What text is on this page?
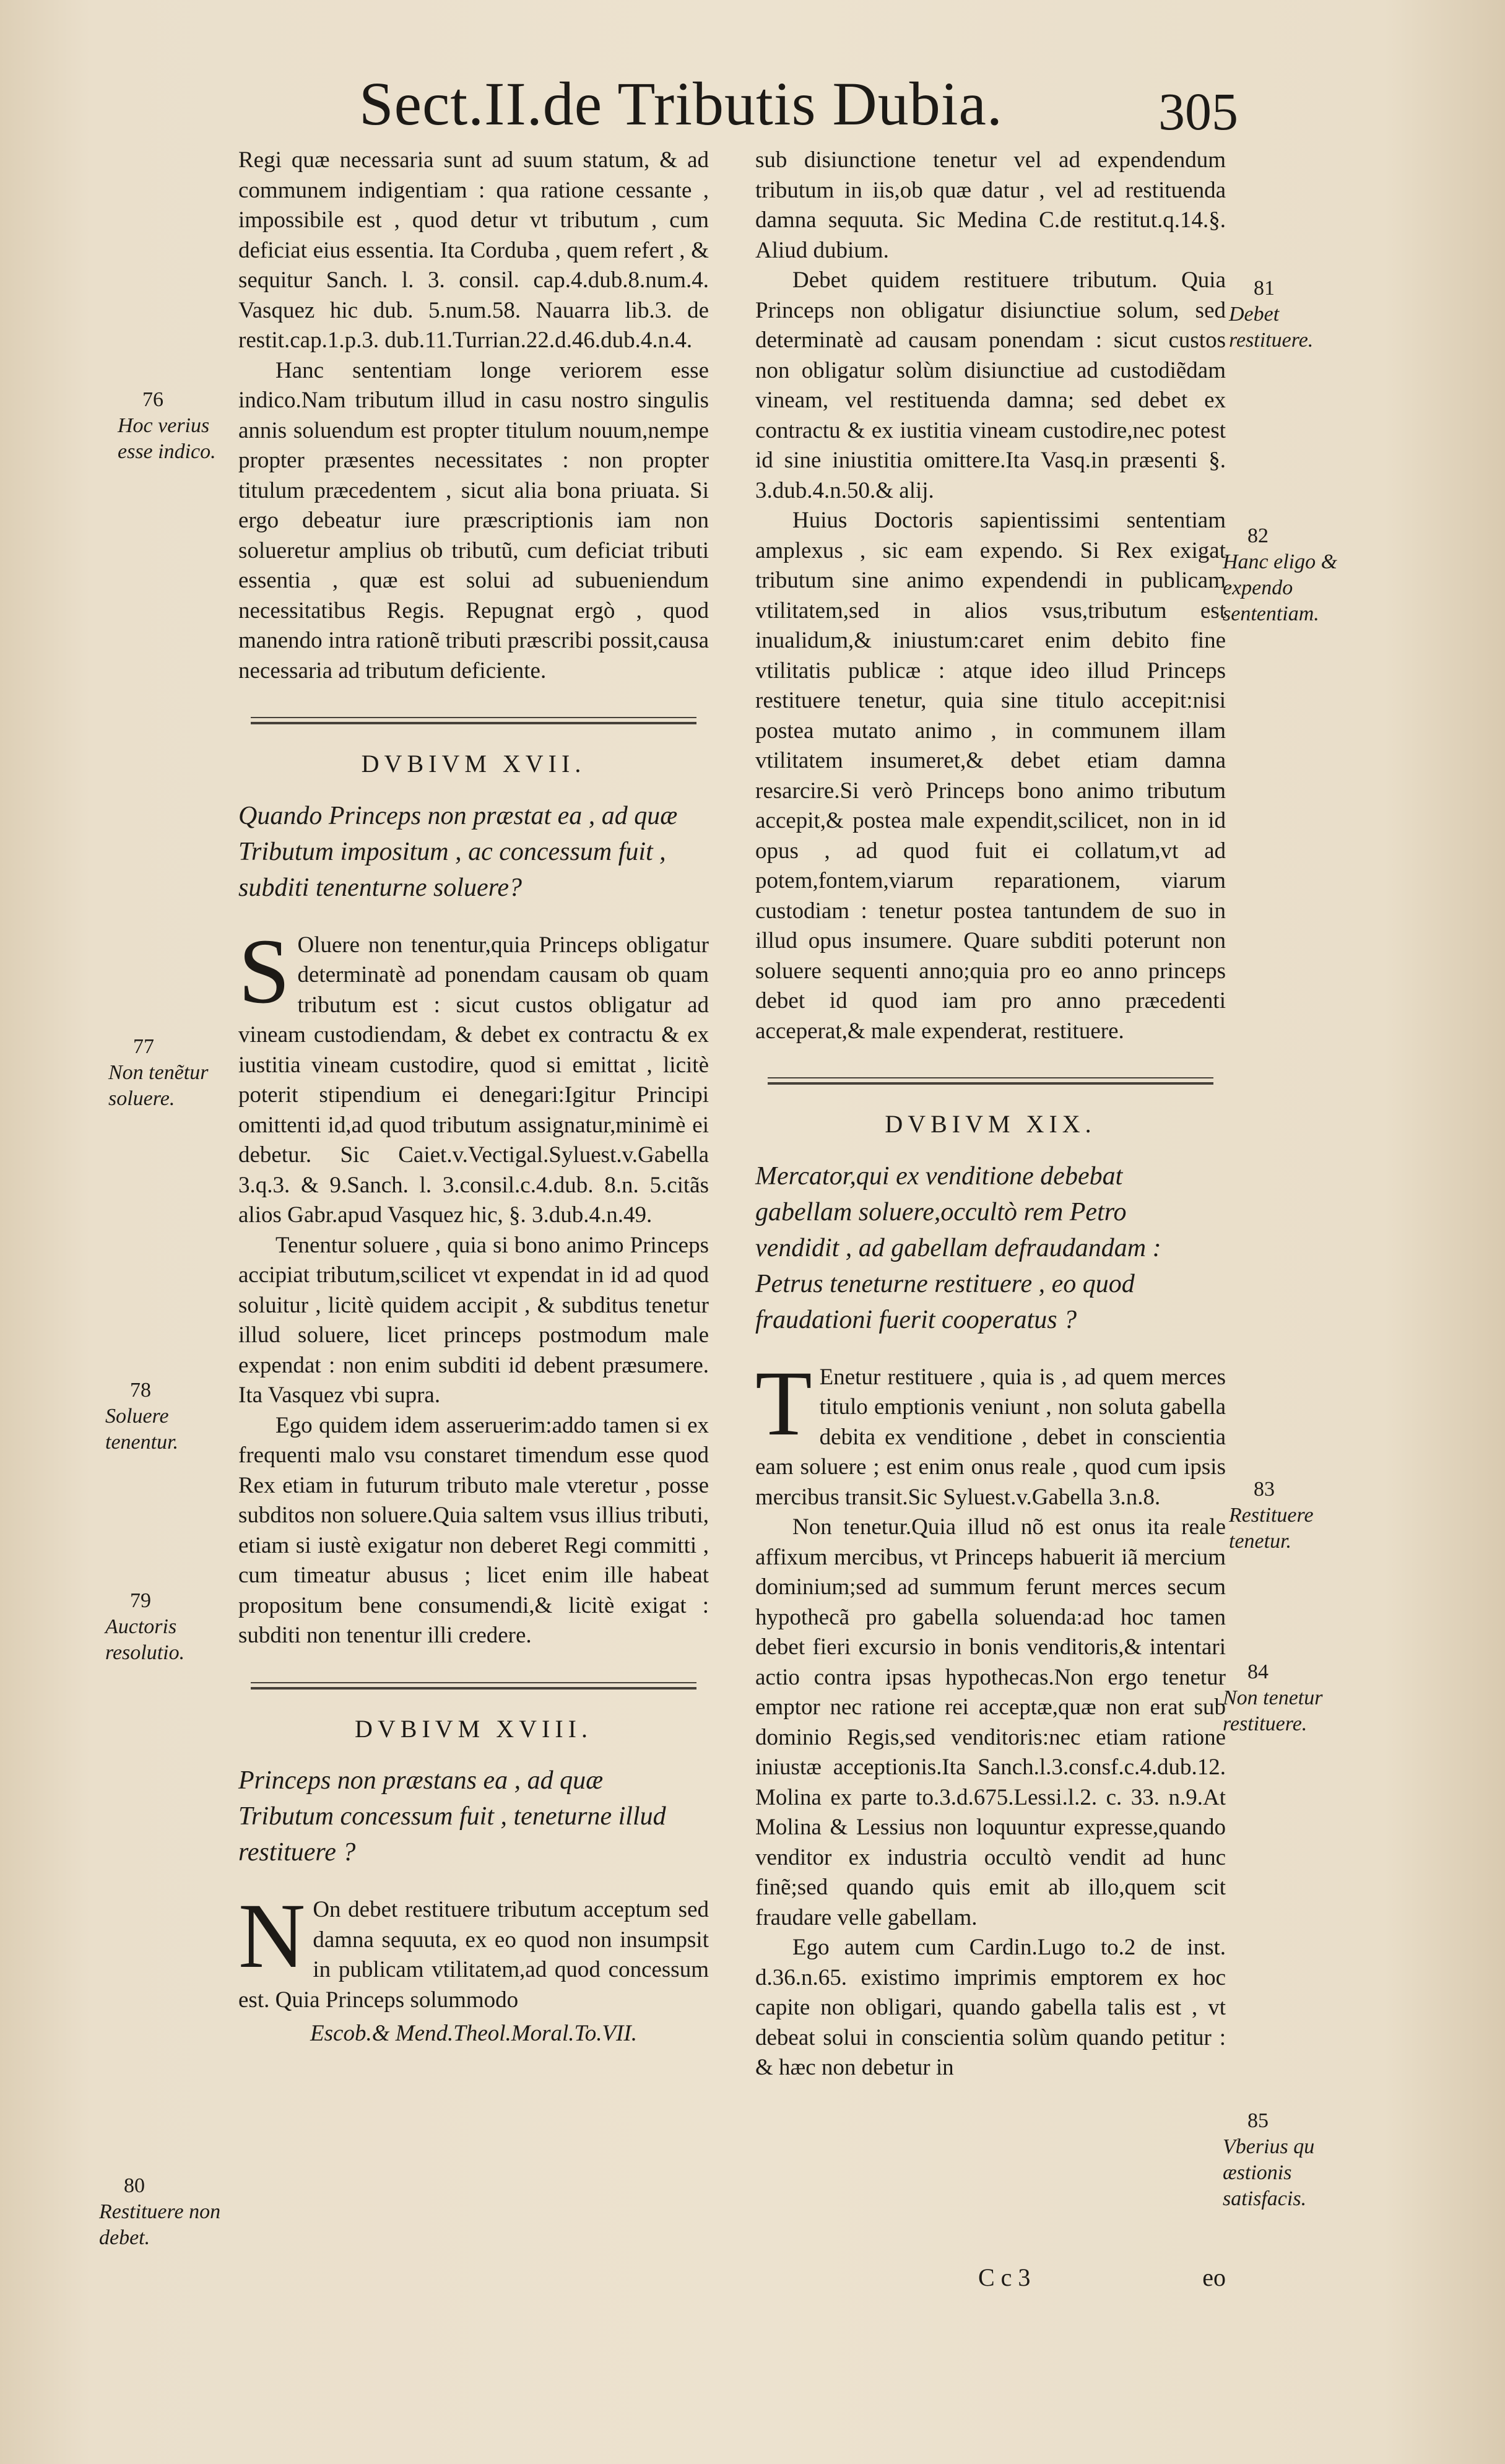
Sect.II.de Tributis Dubia.	305

Regi quæ necessaria sunt ad suum statum, & ad communem indigentiam : qua ratione cessante , impossibile est , quod detur vt tributum , cum deficiat eius essentia. Ita Corduba , quem refert , & sequitur Sanch. l. 3. consil. cap.4.dub.8.num.4. Vasquez hic dub. 5.num.58. Nauarra lib.3. de restit.cap.1.p.3. dub.11.Turrian.22.d.46.dub.4.n.4.

Hanc sententiam longe veriorem esse indico.Nam tributum illud in casu nostro singulis annis soluendum est propter titulum nouum,nempe propter præsentes necessitates : non propter titulum præcedentem , sicut alia bona priuata. Si ergo debeatur iure præscriptionis iam non solueretur amplius ob tributũ, cum deficiat tributi essentia , quæ est solui ad subueniendum necessitatibus Regis. Repugnat ergò , quod manendo intra rationẽ tributi præscribi possit,causa necessaria ad tributum deficiente.

DVBIVM XVII.
Quando Princeps non præstat ea , ad quæ Tributum impositum , ac concessum fuit , subditi tenenturne soluere?

S Oluere non tenentur,quia Princeps obligatur determinatè ad ponendam causam ob quam tributum est : sicut custos obligatur ad vineam custodiendam, & debet ex contractu & ex iustitia vineam custodire, quod si emittat , licitè poterit stipendium ei denegari:Igitur Principi omittenti id,ad quod tributum assignatur,minimè ei debetur. Sic Caiet.v.Vectigal.Syluest.v.Gabella 3.q.3. & 9.Sanch. l. 3.consil.c.4.dub. 8.n. 5.citãs alios Gabr.apud Vasquez hic, §. 3.dub.4.n.49.

Tenentur soluere , quia si bono animo Princeps accipiat tributum,scilicet vt expendat in id ad quod soluitur , licitè quidem accipit , & subditus tenetur illud soluere, licet princeps postmodum male expendat : non enim subditi id debent præsumere. Ita Vasquez vbi supra.

Ego quidem idem asseruerim:addo tamen si ex frequenti malo vsu constaret timendum esse quod Rex etiam in futurum tributo male vteretur , posse subditos non soluere.Quia saltem vsus illius tributi, etiam si iustè exigatur non deberet Regi committi , cum timeatur abusus ; licet enim ille habeat propositum bene consumendi,& licitè exigat : subditi non tenentur illi credere.

DVBIVM XVIII.
Princeps non præstans ea , ad quæ Tributum concessum fuit , teneturne illud restituere ?

N On debet restituere tributum acceptum sed damna sequuta, ex eo quod non insumpsit in publicam vtilitatem,ad quod concessum est. Quia Princeps solummodo

Escob.& Mend.Theol.Moral.To.VII.

sub disiunctione tenetur vel ad expendendum tributum in iis,ob quæ datur , vel ad restituenda damna sequuta. Sic Medina C.de restitut.q.14.§. Aliud dubium.

Debet quidem restituere tributum. Quia Princeps non obligatur disiunctiue solum, sed determinatè ad causam ponendam : sicut custos non obligatur solùm disiunctiue ad custodiẽdam vineam, vel restituenda damna; sed debet ex contractu & ex iustitia vineam custodire,nec potest id sine iniustitia omittere.Ita Vasq.in præsenti §. 3.dub.4.n.50.& alij.

Huius Doctoris sapientissimi sententiam amplexus , sic eam expendo. Si Rex exigat tributum sine animo expendendi in publicam vtilitatem,sed in alios vsus,tributum est inualidum,& iniustum:caret enim debito fine vtilitatis publicæ : atque ideo illud Princeps restituere tenetur, quia sine titulo accepit:nisi postea mutato animo , in communem illam vtilitatem insumeret,& debet etiam damna resarcire.Si verò Princeps bono animo tributum accepit,& postea male expendit,scilicet, non in id opus , ad quod fuit ei collatum,vt ad potem,fontem,viarum reparationem, viarum custodiam : tenetur postea tantundem de suo in illud opus insumere. Quare subditi poterunt non soluere sequenti anno;quia pro eo anno princeps debet id quod iam pro anno præcedenti acceperat,& male expenderat, restituere.

DVBIVM XIX.
Mercator,qui ex venditione debebat gabellam soluere,occultò rem Petro vendidit , ad gabellam defraudandam : Petrus teneturne restituere , eo quod fraudationi fuerit cooperatus ?

T Enetur restituere , quia is , ad quem merces titulo emptionis veniunt , non soluta gabella debita ex venditione , debet in conscientia eam soluere ; est enim onus reale , quod cum ipsis mercibus transit.Sic Syluest.v.Gabella 3.n.8.

Non tenetur.Quia illud nõ est onus ita reale affixum mercibus, vt Princeps habuerit iã mercium dominium;sed ad summum ferunt merces secum hypothecã pro gabella soluenda:ad hoc tamen debet fieri excursio in bonis venditoris,& intentari actio contra ipsas hypothecas.Non ergo tenetur emptor nec ratione rei acceptæ,quæ non erat sub dominio Regis,sed venditoris:nec etiam ratione iniustæ acceptionis.Ita Sanch.l.3.consf.c.4.dub.12. Molina ex parte to.3.d.675.Lessi.l.2. c. 33. n.9.At Molina & Lessius non loquuntur expresse,quando venditor ex industria occultò vendit ad hunc finẽ;sed quando quis emit ab illo,quem scit fraudare velle gabellam.

Ego autem cum Cardin.Lugo to.2 de inst. d.36.n.65. existimo imprimis emptorem ex hoc capite non obligari, quando gabella talis est , vt debeat solui in conscientia solùm quando petitur : & hæc non debetur in

C c 3	eo
76
Hoc verius esse indico.
77
Non tenẽtur soluere.
78
Soluere tenentur.
79
Auctoris resolutio.
80
Restituere non debet.
81
Debet restituere.
82
Hanc eligo & expendo sententiam.
83
Restituere tenetur.
84
Non tenetur restituere.
85
Vberius qu æstionis satisfacis.
